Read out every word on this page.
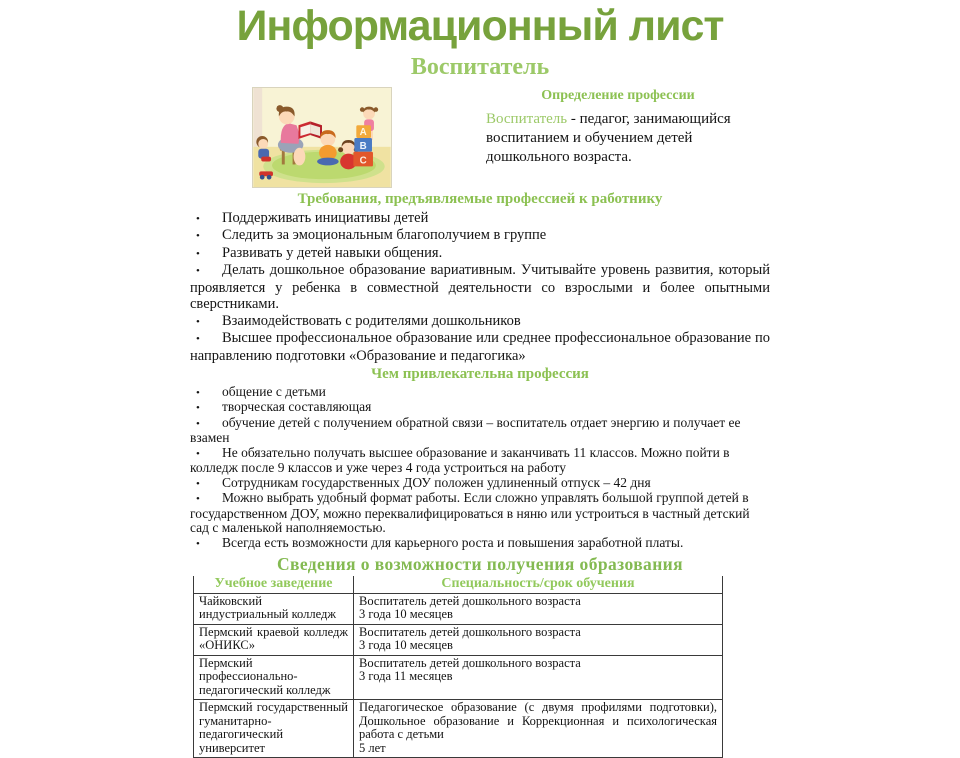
Информационный лист
Воспитатель
A
B
C
Определение профессии

Воспитатель - педагог, занимающийся воспитанием и обучением детей дошкольного возраста.

Требования, предъявляемые профессией к работнику

• Поддерживать инициативы детей

• Следить за эмоциональным благополучием в группе

• Развивать у детей навыки общения.

• Делать дошкольное образование вариативным. Учитывайте уровень развития, который проявляется у ребенка в совместной деятельности со взрослыми и более опытными сверстниками.

• Взаимодействовать с родителями дошкольников

• Высшее профессиональное образование или среднее профессиональное образование по направлению подготовки «Образование и педагогика»

Чем привлекательна профессия

• общение с детьми

• творческая составляющая

• обучение детей с получением обратной связи – воспитатель отдает энергию и получает ее взамен

• Не обязательно получать высшее образование и заканчивать 11 классов. Можно пойти в колледж после 9 классов и уже через 4 года устроиться на работу

• Сотрудникам государственных ДОУ положен удлиненный отпуск – 42 дня

• Можно выбрать удобный формат работы. Если сложно управлять большой группой детей в государственном ДОУ, можно переквалифицироваться в няню или устроиться в частный детский сад с маленькой наполняемостью.

• Всегда есть возможности для карьерного роста и повышения заработной платы.

Сведения о возможности получения образования
Учебное заведение	Специальность/срок обучения
Чайковский индустриальный колледж	Воспитатель детей дошкольного возраста
3 года 10 месяцев

Пермский краевой колледж «ОНИКС»	Воспитатель детей дошкольного возраста
3 года 10 месяцев

Пермский профессионально-педагогический колледж	Воспитатель детей дошкольного возраста
3 года 11 месяцев

Пермский государственный гуманитарно- педагогический университет	Педагогическое образование (с двумя профилями подготовки), Дошкольное образование и Коррекционная и психологическая работа с детьми
5 лет
